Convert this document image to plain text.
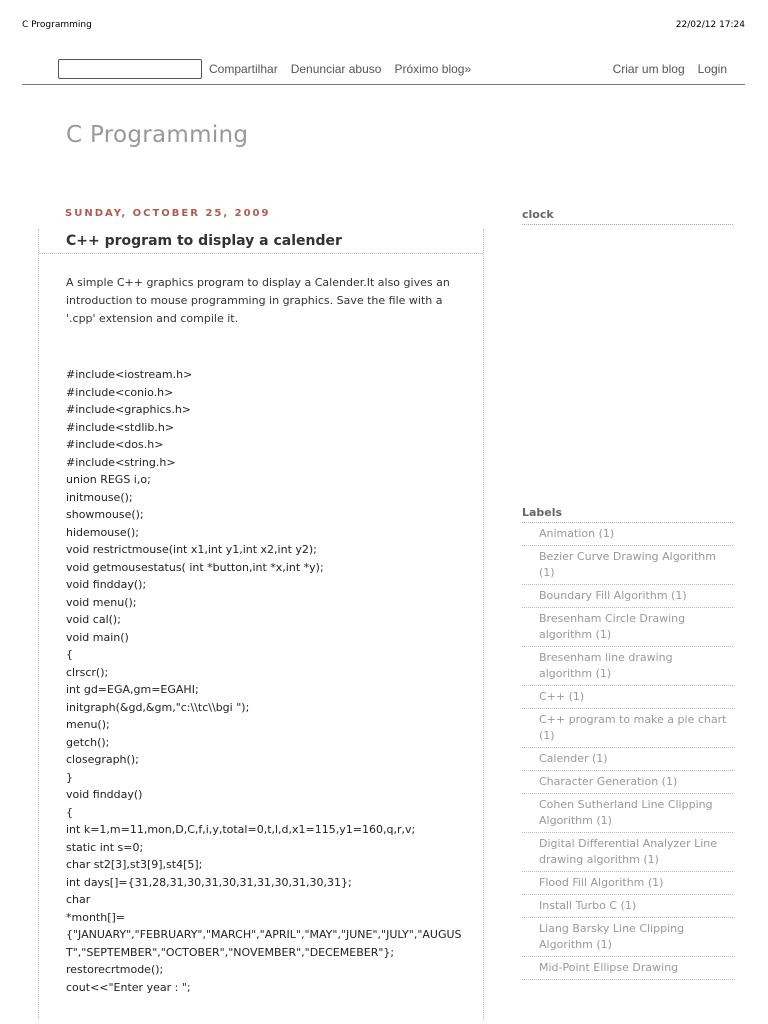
C Programming	22/02/12 17:24
Compartilhar Denunciar abuso Próximo blog»	Criar um blog Login
C Programming
SUNDAY, OCTOBER 25, 2009
C++ program to display a calender
A simple C++ graphics program to display a Calender.It also gives an introduction to mouse programming in graphics. Save the file with a '.cpp' extension and compile it.
#include<iostream.h>
#include<conio.h>
#include<graphics.h>
#include<stdlib.h>
#include<dos.h>
#include<string.h>
union REGS i,o;
initmouse();
showmouse();
hidemouse();
void restrictmouse(int x1,int y1,int x2,int y2);
void getmousestatus( int *button,int *x,int *y);
void findday();
void menu();
void cal();
void main()
{
clrscr();
int gd=EGA,gm=EGAHI;
initgraph(&gd,&gm,"c:\\tc\\bgi ");
menu();
getch();
closegraph();
}
void findday()
{
int k=1,m=11,mon,D,C,f,i,y,total=0,t,l,d,x1=115,y1=160,q,r,v;
static int s=0;
char st2[3],st3[9],st4[5];
int days[]={31,28,31,30,31,30,31,31,30,31,30,31};
char
*month[]=
{"JANUARY","FEBRUARY","MARCH","APRIL","MAY","JUNE","JULY","AUGUST","SEPTEMBER","OCTOBER","NOVEMBER","DECEMEBER"};
restorecrtmode();
cout<<"Enter year : ";
clock
Labels
Animation (1)
Bezier Curve Drawing Algorithm (1)
Boundary Fill Algorithm (1)
Bresenham Circle Drawing algorithm (1)
Bresenham line drawing algorithm (1)
C++ (1)
C++ program to make a pie chart (1)
Calender (1)
Character Generation (1)
Cohen Sutherland Line Clipping Algorithm (1)
Digital Differential Analyzer Line drawing algorithm (1)
Flood Fill Algorithm (1)
Install Turbo C (1)
Liang Barsky Line Clipping Algorithm (1)
Mid-Point Ellipse Drawing
